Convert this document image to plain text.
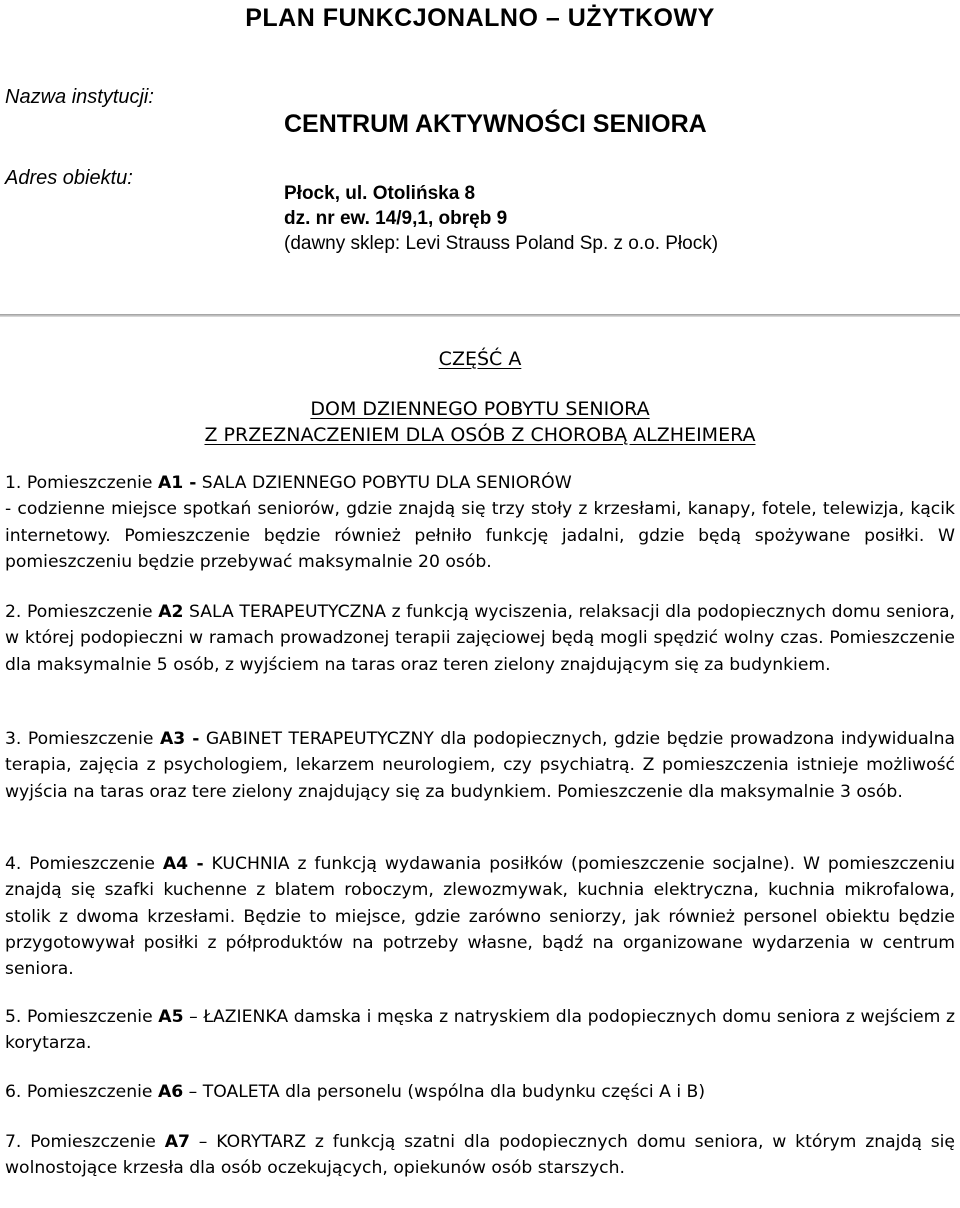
PLAN FUNKCJONALNO – UŻYTKOWY
Nazwa instytucji:
CENTRUM AKTYWNOŚCI SENIORA
Adres obiektu:
Płock, ul. Otolińska 8
dz. nr ew. 14/9,1, obręb 9
(dawny sklep: Levi Strauss Poland Sp. z o.o. Płock)
CZĘŚĆ A
DOM DZIENNEGO POBYTU SENIORA
Z PRZEZNACZENIEM DLA OSÓB Z CHOROBĄ ALZHEIMERA

1. Pomieszczenie A1 - SALA DZIENNEGO POBYTU DLA SENIORÓW

- codzienne miejsce spotkań seniorów, gdzie znajdą się trzy stoły z krzesłami, kanapy, fotele, telewizja, kącik internetowy. Pomieszczenie będzie również pełniło funkcję jadalni, gdzie będą spożywane posiłki. W pomieszczeniu będzie przebywać maksymalnie 20 osób.

2. Pomieszczenie A2 SALA TERAPEUTYCZNA z funkcją wyciszenia, relaksacji dla podopiecznych domu seniora, w której podopieczni w ramach prowadzonej terapii zajęciowej będą mogli spędzić wolny czas. Pomieszczenie dla maksymalnie 5 osób, z wyjściem na taras oraz teren zielony znajdującym się za budynkiem.

3. Pomieszczenie A3 - GABINET TERAPEUTYCZNY dla podopiecznych, gdzie będzie prowadzona indywidualna terapia, zajęcia z psychologiem, lekarzem neurologiem, czy psychiatrą. Z pomieszczenia istnieje możliwość wyjścia na taras oraz tere zielony znajdujący się za budynkiem. Pomieszczenie dla maksymalnie 3 osób.

4. Pomieszczenie A4 - KUCHNIA z funkcją wydawania posiłków (pomieszczenie socjalne). W pomieszczeniu znajdą się szafki kuchenne z blatem roboczym, zlewozmywak, kuchnia elektryczna, kuchnia mikrofalowa, stolik z dwoma krzesłami. Będzie to miejsce, gdzie zarówno seniorzy, jak również personel obiektu będzie przygotowywał posiłki z półproduktów na potrzeby własne, bądź na organizowane wydarzenia w centrum seniora.

5. Pomieszczenie A5 – ŁAZIENKA damska i męska z natryskiem dla podopiecznych domu seniora z wejściem z korytarza.

6. Pomieszczenie A6 – TOALETA dla personelu (wspólna dla budynku części A i B)

7. Pomieszczenie A7 – KORYTARZ z funkcją szatni dla podopiecznych domu seniora, w którym znajdą się wolnostojące krzesła dla osób oczekujących, opiekunów osób starszych.
